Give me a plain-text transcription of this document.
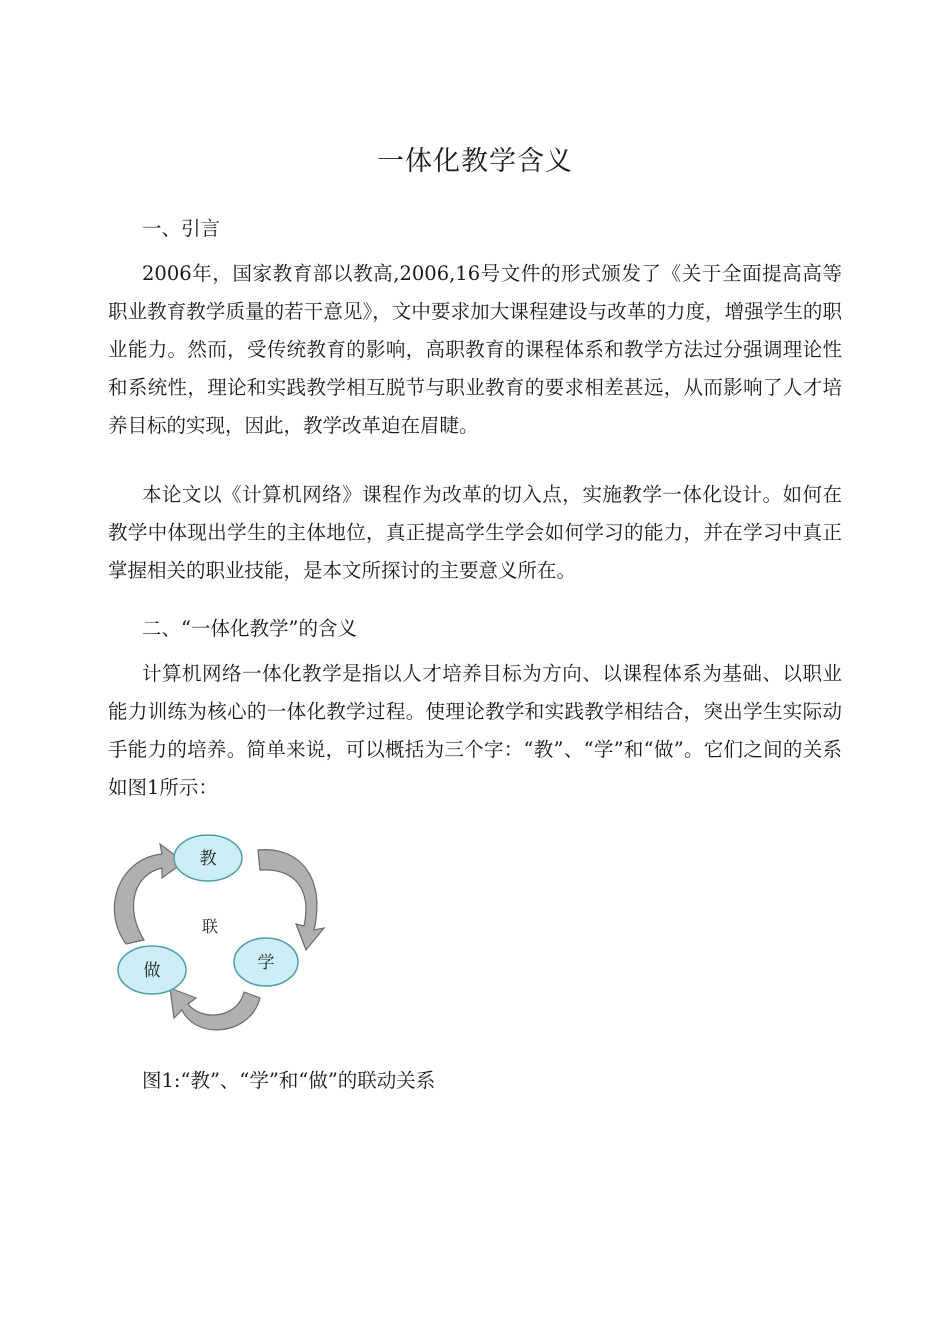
一体化教学含义

一、引言

2006年，国家教育部以教高,2006,16号文件的形式颁发了《关于全面提高高等职业教育教学质量的若干意见》，文中要求加大课程建设与改革的力度，增强学生的职业能力。然而，受传统教育的影响，高职教育的课程体系和教学方法过分强调理论性和系统性，理论和实践教学相互脱节与职业教育的要求相差甚远，从而影响了人才培养目标的实现，因此，教学改革迫在眉睫。

本论文以《计算机网络》课程作为改革的切入点，实施教学一体化设计。如何在教学中体现出学生的主体地位，真正提高学生学会如何学习的能力，并在学习中真正掌握相关的职业技能，是本文所探讨的主要意义所在。

二、“一体化教学”的含义

计算机网络一体化教学是指以人才培养目标为方向、以课程体系为基础、以职业能力训练为核心的一体化教学过程。使理论教学和实践教学相结合，突出学生实际动手能力的培养。简单来说，可以概括为三个字：“教”、“学”和“做”。它们之间的关系如图1所示：

教
学
做
联

图1:“教”、“学”和“做”的联动关系
